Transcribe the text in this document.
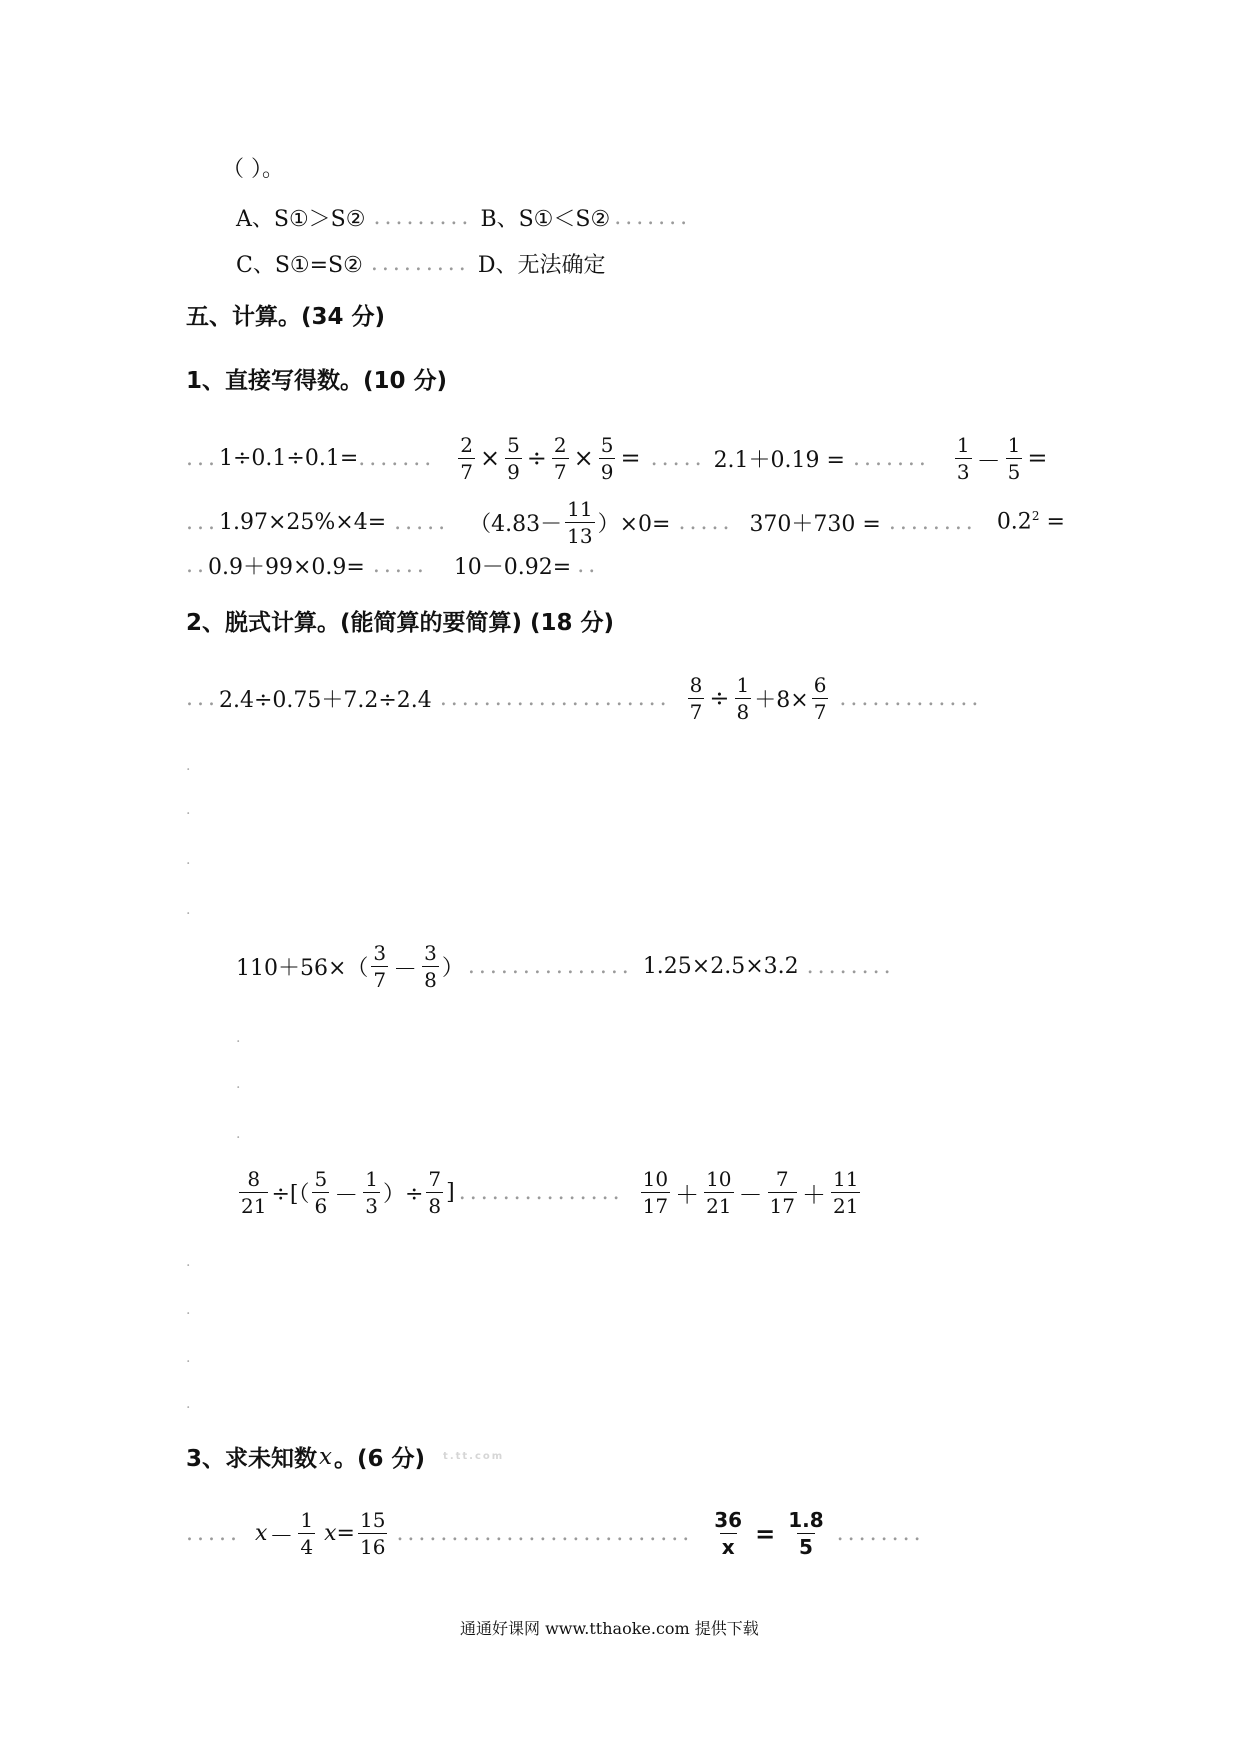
（ ）。
A、S①＞S② ......... B、S①＜S② .......
C、S①=S② ......... D、无法确定
五、计算。(34 分)
1、直接写得数。(10 分)
... 1÷0.1÷0.1= ....... $\frac{2}{7} \times \frac{5}{9} \div \frac{2}{7} \times \frac{5}{9}$ = ..... 2.1＋0.19 = ....... $\frac{1}{3} - \frac{1}{5}$ =
... 1.97×25%×4= ..... $(4.83- \frac{11}{13} )\times 0=$ ..... 370＋730 = ........ $0.2^2$ =
.. 0.9＋99×0.9= ..... 10－0.92= ..
2、脱式计算。(能简算的要简算) (18 分)
... 2.4÷0.75＋7.2÷2.4 ..................... $\frac{8}{7} \div \frac{1}{8} +8\times \frac{6}{7}$ .............
.
.
.
.
$110+56\times( \frac{3}{7} - \frac{3}{8}$ ） ............... 1.25×2.5×3.2 ........
.
.
.
$\frac{8}{21}$ ÷[（ $\frac{5}{6} - \frac{1}{3}$ ）÷ $\frac{7}{8}$ ] ............... $\frac{10}{17} + \frac{10}{21} - \frac{7}{17} + \frac{11}{21}$
.
.
.
.
3、求未知数 x 。(6 分) t.tt.com
..... $x - \frac{1}{4}$ $x = \frac{15}{16}$ ........................... $\frac{36}{x} = \frac{1.8}{5}$ ........
通通好课网 www.tthaoke.com 提供下载
